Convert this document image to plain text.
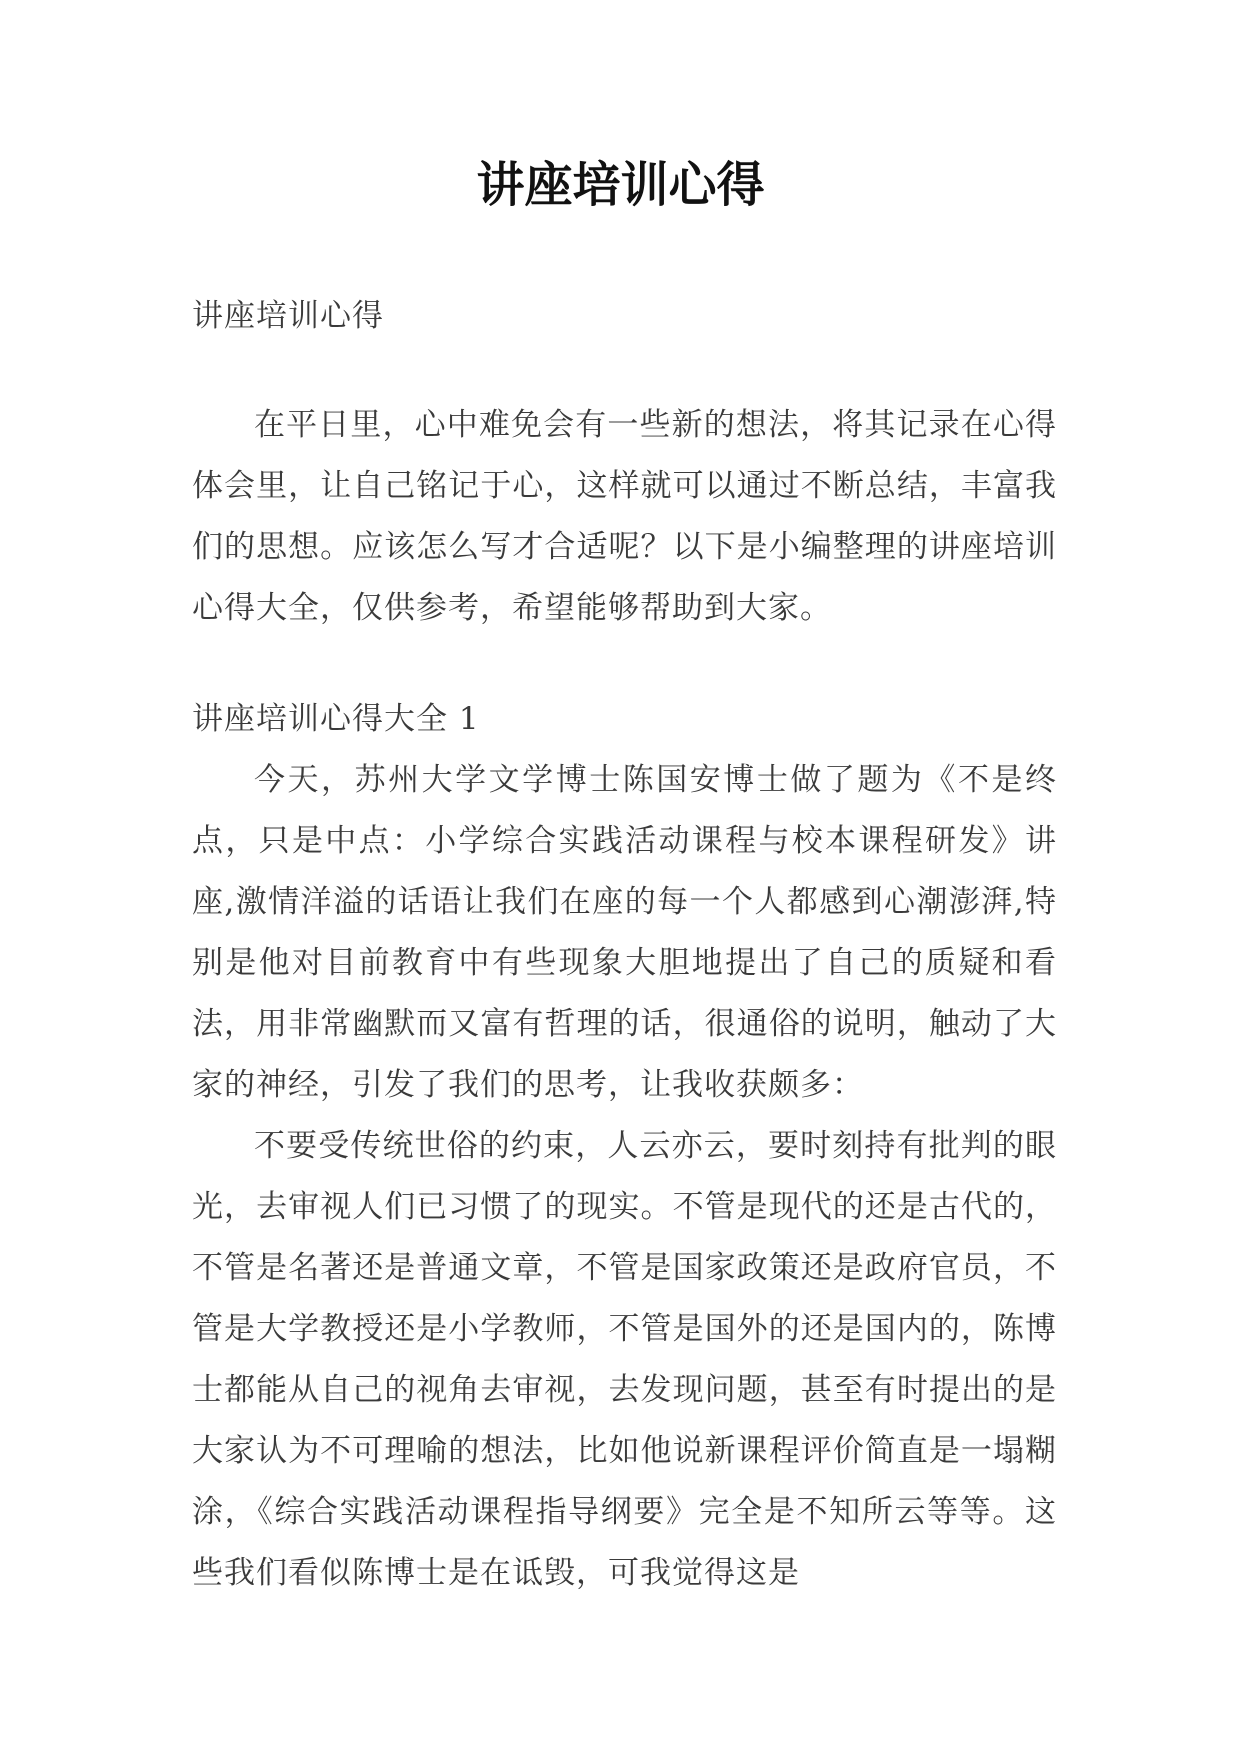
讲座培训心得

讲座培训心得

在平日里，心中难免会有一些新的想法，将其记录在心得体会里，让自己铭记于心，这样就可以通过不断总结，丰富我们的思想。应该怎么写才合适呢？以下是小编整理的讲座培训心得大全，仅供参考，希望能够帮助到大家。

讲座培训心得大全 1

今天，苏州大学文学博士陈国安博士做了题为《不是终点，只是中点：小学综合实践活动课程与校本课程研发》讲座,激情洋溢的话语让我们在座的每一个人都感到心潮澎湃,特别是他对目前教育中有些现象大胆地提出了自己的质疑和看法，用非常幽默而又富有哲理的话，很通俗的说明，触动了大家的神经，引发了我们的思考，让我收获颇多：

不要受传统世俗的约束，人云亦云，要时刻持有批判的眼光，去审视人们已习惯了的现实。不管是现代的还是古代的，不管是名著还是普通文章，不管是国家政策还是政府官员，不管是大学教授还是小学教师，不管是国外的还是国内的，陈博士都能从自己的视角去审视，去发现问题，甚至有时提出的是大家认为不可理喻的想法，比如他说新课程评价简直是一塌糊涂，《综合实践活动课程指导纲要》完全是不知所云等等。这些我们看似陈博士是在诋毁，可我觉得这是
